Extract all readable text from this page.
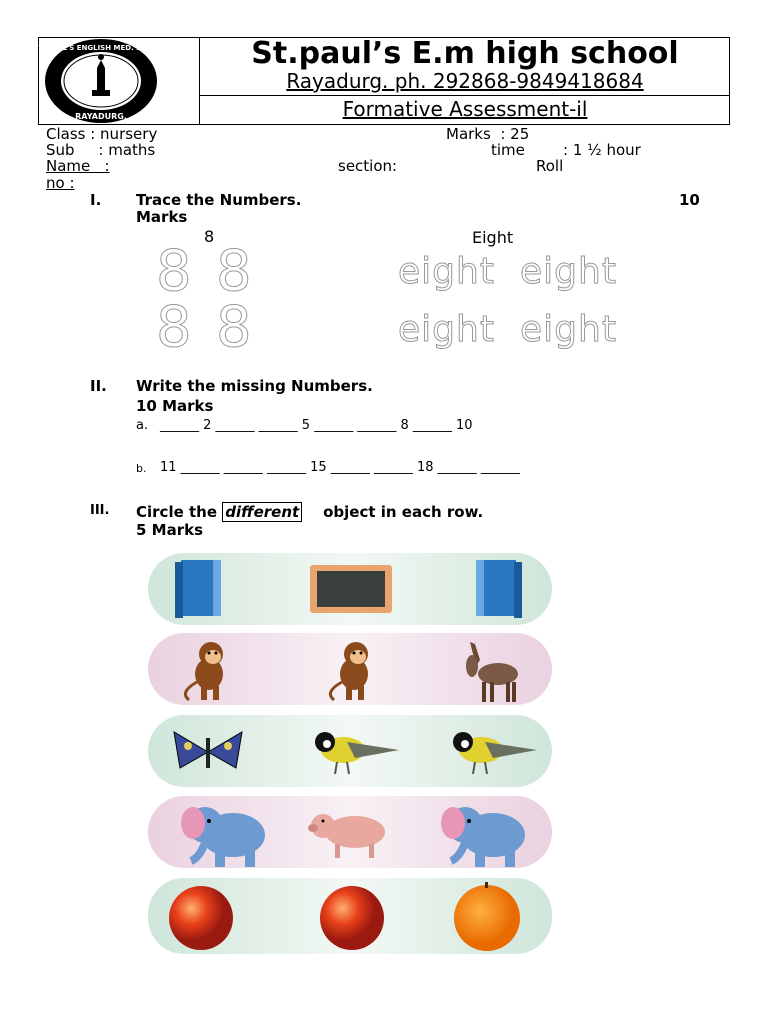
ST. PAUL'S ENGLISH MED. SCHOOL
RAYADURG.
St.paul’s E.m high school
Rayadurg. ph. 292868-9849418684
Formative Assessment-il
Class : nursery	Marks  : 25
Sub     : maths	time	: 1 ½ hour
Name   :	section:	Roll
no :
I. Trace the Numbers.	10
Marks
8	Eight
8 8
8 8
eight eight
eight eight
II. Write the missing Numbers.
10 Marks
a. ______ 2 ______ ______ 5 ______ ______ 8 ______ 10
b. 11 ______ ______ ______ 15 ______ ______ 18 ______ ______
III. Circle the different object in each row.
5 Marks
